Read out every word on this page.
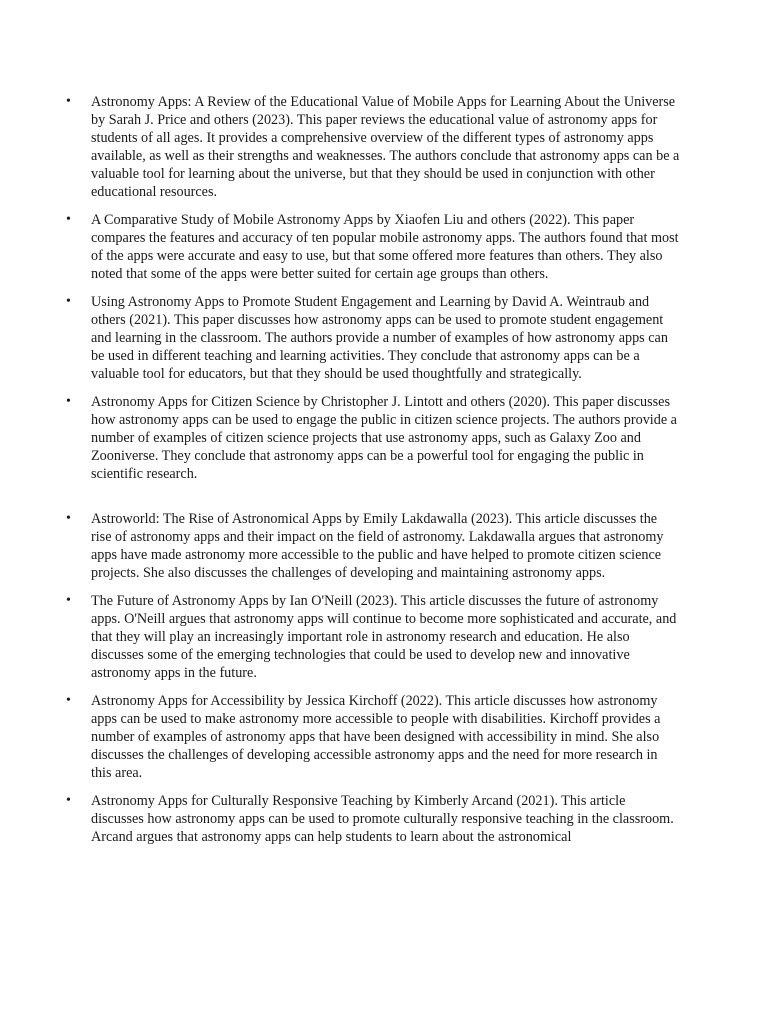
• Astronomy Apps: A Review of the Educational Value of Mobile Apps for Learning About the Universe by Sarah J. Price and others (2023). This paper reviews the educational value of astronomy apps for students of all ages. It provides a comprehensive overview of the different types of astronomy apps available, as well as their strengths and weaknesses. The authors conclude that astronomy apps can be a valuable tool for learning about the universe, but that they should be used in conjunction with other educational resources.
• A Comparative Study of Mobile Astronomy Apps by Xiaofen Liu and others (2022). This paper compares the features and accuracy of ten popular mobile astronomy apps. The authors found that most of the apps were accurate and easy to use, but that some offered more features than others. They also noted that some of the apps were better suited for certain age groups than others.
• Using Astronomy Apps to Promote Student Engagement and Learning by David A. Weintraub and others (2021). This paper discusses how astronomy apps can be used to promote student engagement and learning in the classroom. The authors provide a number of examples of how astronomy apps can be used in different teaching and learning activities. They conclude that astronomy apps can be a valuable tool for educators, but that they should be used thoughtfully and strategically.
• Astronomy Apps for Citizen Science by Christopher J. Lintott and others (2020). This paper discusses how astronomy apps can be used to engage the public in citizen science projects. The authors provide a number of examples of citizen science projects that use astronomy apps, such as Galaxy Zoo and Zooniverse. They conclude that astronomy apps can be a powerful tool for engaging the public in scientific research.
• Astroworld: The Rise of Astronomical Apps by Emily Lakdawalla (2023). This article discusses the rise of astronomy apps and their impact on the field of astronomy. Lakdawalla argues that astronomy apps have made astronomy more accessible to the public and have helped to promote citizen science projects. She also discusses the challenges of developing and maintaining astronomy apps.
• The Future of Astronomy Apps by Ian O'Neill (2023). This article discusses the future of astronomy apps. O'Neill argues that astronomy apps will continue to become more sophisticated and accurate, and that they will play an increasingly important role in astronomy research and education. He also discusses some of the emerging technologies that could be used to develop new and innovative astronomy apps in the future.
• Astronomy Apps for Accessibility by Jessica Kirchoff (2022). This article discusses how astronomy apps can be used to make astronomy more accessible to people with disabilities. Kirchoff provides a number of examples of astronomy apps that have been designed with accessibility in mind. She also discusses the challenges of developing accessible astronomy apps and the need for more research in this area.
• Astronomy Apps for Culturally Responsive Teaching by Kimberly Arcand (2021). This article discusses how astronomy apps can be used to promote culturally responsive teaching in the classroom. Arcand argues that astronomy apps can help students to learn about the astronomical
